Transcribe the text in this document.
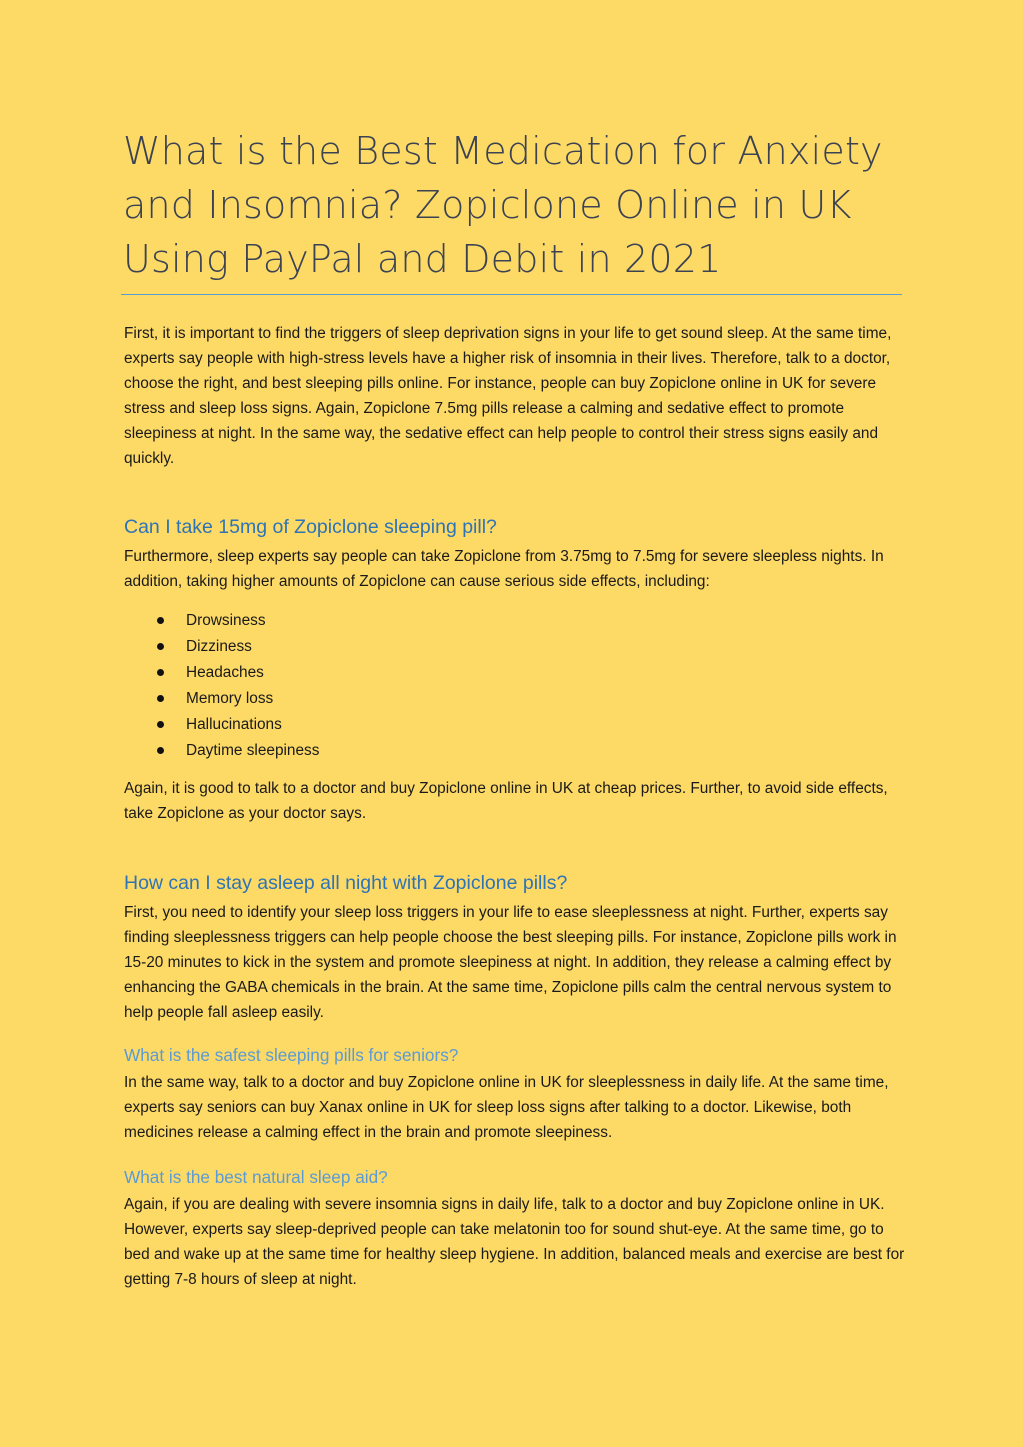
What is the Best Medication for Anxiety and Insomnia? Zopiclone Online in UK Using PayPal and Debit in 2021

First, it is important to find the triggers of sleep deprivation signs in your life to get sound sleep. At the same time, experts say people with high-stress levels have a higher risk of insomnia in their lives. Therefore, talk to a doctor, choose the right, and best sleeping pills online. For instance, people can buy Zopiclone online in UK for severe stress and sleep loss signs. Again, Zopiclone 7.5mg pills release a calming and sedative effect to promote sleepiness at night. In the same way, the sedative effect can help people to control their stress signs easily and quickly.

Can I take 15mg of Zopiclone sleeping pill?

Furthermore, sleep experts say people can take Zopiclone from 3.75mg to 7.5mg for severe sleepless nights. In addition, taking higher amounts of Zopiclone can cause serious side effects, including:

Drowsiness
Dizziness
Headaches
Memory loss
Hallucinations
Daytime sleepiness

Again, it is good to talk to a doctor and buy Zopiclone online in UK at cheap prices. Further, to avoid side effects, take Zopiclone as your doctor says.

How can I stay asleep all night with Zopiclone pills?

First, you need to identify your sleep loss triggers in your life to ease sleeplessness at night. Further, experts say finding sleeplessness triggers can help people choose the best sleeping pills. For instance, Zopiclone pills work in 15-20 minutes to kick in the system and promote sleepiness at night. In addition, they release a calming effect by enhancing the GABA chemicals in the brain. At the same time, Zopiclone pills calm the central nervous system to help people fall asleep easily.

What is the safest sleeping pills for seniors?

In the same way, talk to a doctor and buy Zopiclone online in UK for sleeplessness in daily life. At the same time, experts say seniors can buy Xanax online in UK for sleep loss signs after talking to a doctor. Likewise, both medicines release a calming effect in the brain and promote sleepiness.

What is the best natural sleep aid?

Again, if you are dealing with severe insomnia signs in daily life, talk to a doctor and buy Zopiclone online in UK. However, experts say sleep-deprived people can take melatonin too for sound shut-eye. At the same time, go to bed and wake up at the same time for healthy sleep hygiene. In addition, balanced meals and exercise are best for getting 7-8 hours of sleep at night.
